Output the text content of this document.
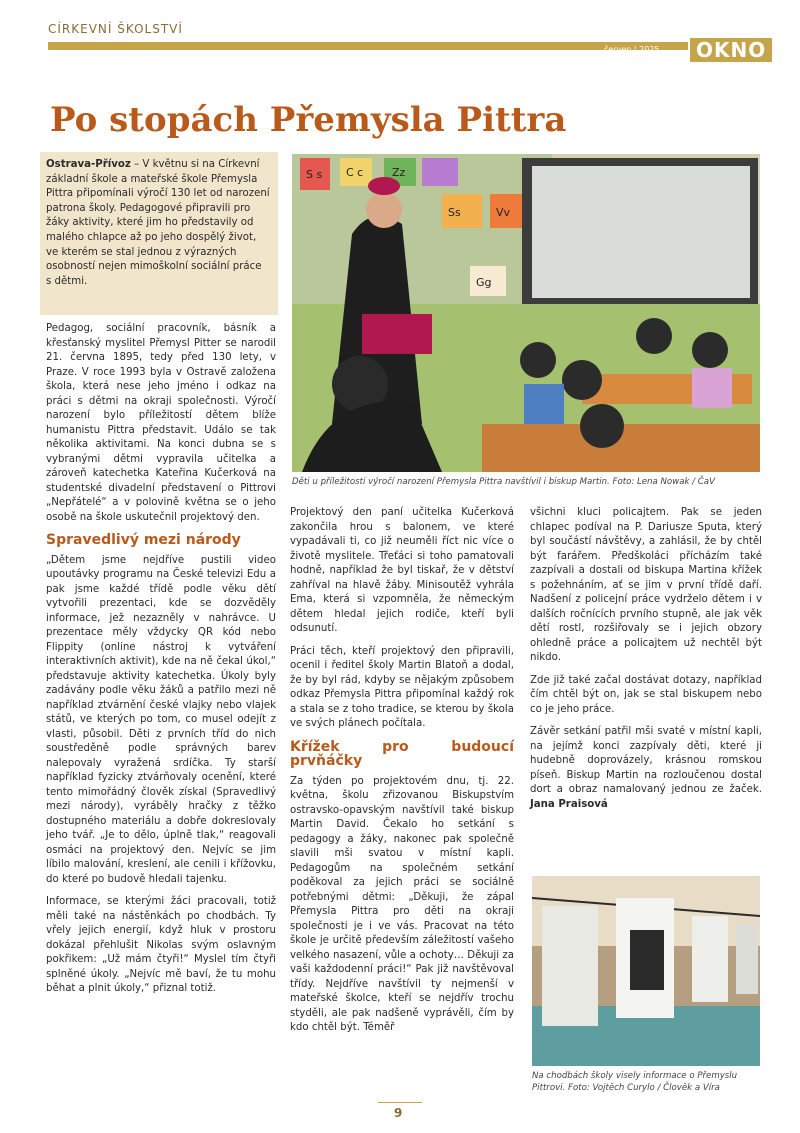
CÍRKEVNÍ ŠKOLSTVÍ
červen | 2025	OKNO
Po stopách Přemysla Pittra
Ostrava-Přívoz – V květnu si na Církevní základní škole a mateřské škole Přemysla Pittra připomínali výročí 130 let od narození patrona školy. Pedagogové připravili pro žáky aktivity, které jim ho představily od malého chlapce až po jeho dospělý život, ve kterém se stal jednou z výrazných osobností nejen mimoškolní sociální práce s dětmi.
S s C c
Ss	Vv
Zz
Gg
Děti u příležitosti výročí narození Přemysla Pittra navštívil i biskup Martin. Foto: Lena Nowak / ČaV

Pedagog, sociální pracovník, básník a křesťanský myslitel Přemysl Pitter se narodil 21. června 1895, tedy před 130 lety, v Praze. V roce 1993 byla v Ostravě založena škola, která nese jeho jméno i odkaz na práci s dětmi na okraji společnosti. Výročí narození bylo příležitostí dětem blíže humanistu Pittra představit. Událo se tak několika aktivitami. Na konci dubna se s vybranými dětmi vypravila učitelka a zároveň katechetka Kateřina Kučerková na studentské divadelní představení o Pittrovi „Nepřátelé“ a v polovině května se o jeho osobě na škole uskutečnil projektový den.

Spravedlivý mezi národy

„Dětem jsme nejdříve pustili video upoutávky programu na České televizi Edu a pak jsme každé třídě podle věku dětí vytvořili prezentaci, kde se dozvěděly informace, jež nezazněly v nahrávce. U prezentace měly vždycky QR kód nebo Flippity (online nástroj k vytváření interaktivních aktivit), kde na ně čekal úkol,“ představuje aktivity katechetka. Úkoly byly zadávány podle věku žáků a patřilo mezi ně například ztvárnění české vlajky nebo vlajek států, ve kterých po tom, co musel odejít z vlasti, působil. Děti z prvních tříd do nich soustředěně podle správných barev nalepovaly vyražená srdíčka. Ty starší například fyzicky ztvárňovaly ocenění, které tento mimořádný člověk získal (Spravedlivý mezi národy), vyráběly hračky z těžko dostupného materiálu a dobře dokreslovaly jeho tvář. „Je to dělo, úplně tlak,“ reagovali osmáci na projektový den. Nejvíc se jim líbilo malování, kreslení, ale cenili i křížovku, do které po budově hledali tajenku.

Informace, se kterými žáci pracovali, totiž měli také na nástěnkách po chodbách. Ty vřely jejich energií, když hluk v prostoru dokázal přehlušit Nikolas svým oslavným pokřikem: „Už mám čtyři!“ Myslel tím čtyři splněné úkoly. „Nejvíc mě baví, že tu mohu běhat a plnit úkoly,“ přiznal totiž.

Projektový den paní učitelka Kučerková zakončila hrou s balonem, ve které vypadávali ti, co již neuměli říct nic více o životě myslitele. Třeťáci si toho pamatovali hodně, například že byl tiskař, že v dětství zahříval na hlavě žáby. Minisoutěž vyhrála Ema, která si vzpomněla, že německým dětem hledal jejich rodiče, kteří byli odsunutí.

Práci těch, kteří projektový den připravili, ocenil i ředitel školy Martin Blatoň a dodal, že by byl rád, kdyby se nějakým způsobem odkaz Přemysla Pittra připomínal každý rok a stala se z toho tradice, se kterou by škola ve svých plánech počítala.

Křížek pro budoucí prvňáčky

Za týden po projektovém dnu, tj. 22. května, školu zřizovanou Biskupstvím ostravsko-opavským navštívil také biskup Martin David. Čekalo ho setkání s pedagogy a žáky, nakonec pak společně slavili mši svatou v místní kapli. Pedagogům na společném setkání poděkoval za jejich práci se sociálně potřebnými dětmi: „Děkuji, že zápal Přemysla Pittra pro děti na okraji společnosti je i ve vás. Pracovat na této škole je určitě především záležitostí vašeho velkého nasazení, vůle a ochoty… Děkuji za vaši každodenní práci!“ Pak již navštěvoval třídy. Nejdříve navštívil ty nejmenší v mateřské školce, kteří se nejdřív trochu styděli, ale pak nadšeně vyprávěli, čím by kdo chtěl být. Téměř

všichni kluci policajtem. Pak se jeden chlapec podíval na P. Dariusze Sputa, který byl součástí návštěvy, a zahlásil, že by chtěl být farářem. Předškoláci přícházím také zazpívali a dostali od biskupa Martina křížek s požehnáním, ať se jim v první třídě daří. Nadšení z policejní práce vydrželo dětem i v dalších ročnících prvního stupně, ale jak věk dětí rostl, rozšiřovaly se i jejich obzory ohledně práce a policajtem už nechtěl být nikdo.

Zde již také začal dostávat dotazy, například čím chtěl být on, jak se stal biskupem nebo co je jeho práce.

Závěr setkání patřil mši svaté v místní kapli, na jejímž konci zazpívaly děti, které ji hudebně doprovázely, krásnou romskou píseň. Biskup Martin na rozloučenou dostal dort a obraz namalovaný jednou ze žaček. Jana Praisová

Na chodbách školy visely informace o Přemyslu Pittrovi. Foto: Vojtěch Curylo / Člověk a Víra
9
